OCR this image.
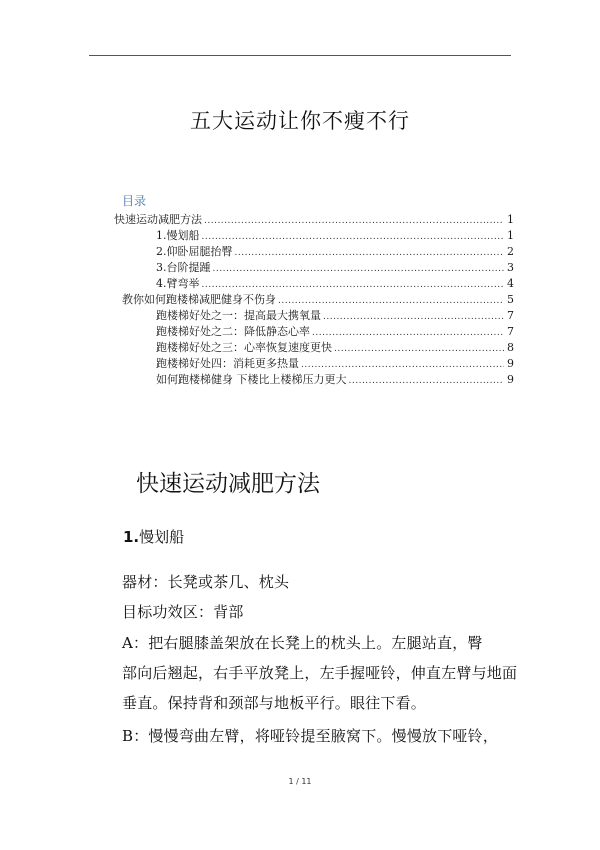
五大运动让你不瘦不行
目录
快速运动减肥方法 .....	1
1.慢划船 .....	1
2.仰卧屈腿抬臀 .....	2
3.台阶提踵 .....	3
4.臂弯举 .....	4
教你如何跑楼梯减肥健身不伤身 .....	5
跑楼梯好处之一：提高最大携氧量 .....	7
跑楼梯好处之二：降低静态心率 .....	7
跑楼梯好处之三：心率恢复速度更快 .....	8
跑楼梯好处四：消耗更多热量 .....	9
如何跑楼梯健身 下楼比上楼梯压力更大 .....	9
快速运动减肥方法
1.慢划船
器材：长凳或茶几、枕头
目标功效区：背部
A：把右腿膝盖架放在长凳上的枕头上。左腿站直，臀
部向后翘起，右手平放凳上，左手握哑铃，伸直左臂与地面
垂直。保持背和颈部与地板平行。眼往下看。
B：慢慢弯曲左臂，将哑铃提至腋窝下。慢慢放下哑铃，
1 / 11
